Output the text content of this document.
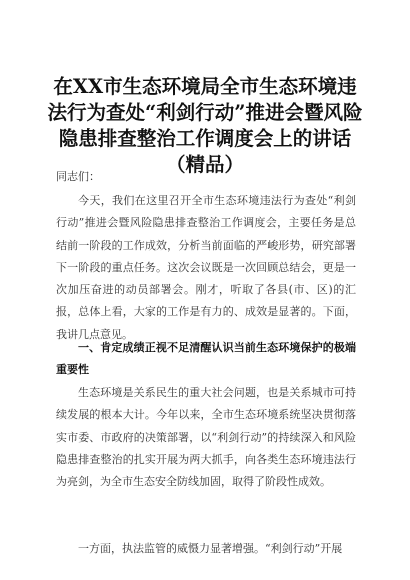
在XX市生态环境局全市生态环境违法行为查处“利剑行动”推进会暨风险隐患排查整治工作调度会上的讲话（精品）

同志们：

今天，我们在这里召开全市生态环境违法行为查处“利剑行动”推进会暨风险隐患排查整治工作调度会，主要任务是总结前一阶段的工作成效，分析当前面临的严峻形势，研究部署下一阶段的重点任务。这次会议既是一次回顾总结会，更是一次加压奋进的动员部署会。刚才，听取了各县(市、区)的汇报，总体上看，大家的工作是有力的、成效是显著的。下面，我讲几点意见。

一、肯定成绩正视不足清醒认识当前生态环境保护的极端重要性

生态环境是关系民生的重大社会问题，也是关系城市可持续发展的根本大计。今年以来，全市生态环境系统坚决贯彻落实市委、市政府的决策部署，以“利剑行动”的持续深入和风险隐患排查整治的扎实开展为两大抓手，向各类生态环境违法行为亮剑，为全市生态安全防线加固，取得了阶段性成效。

一方面，执法监管的威慑力显著增强。“利剑行动”开展
